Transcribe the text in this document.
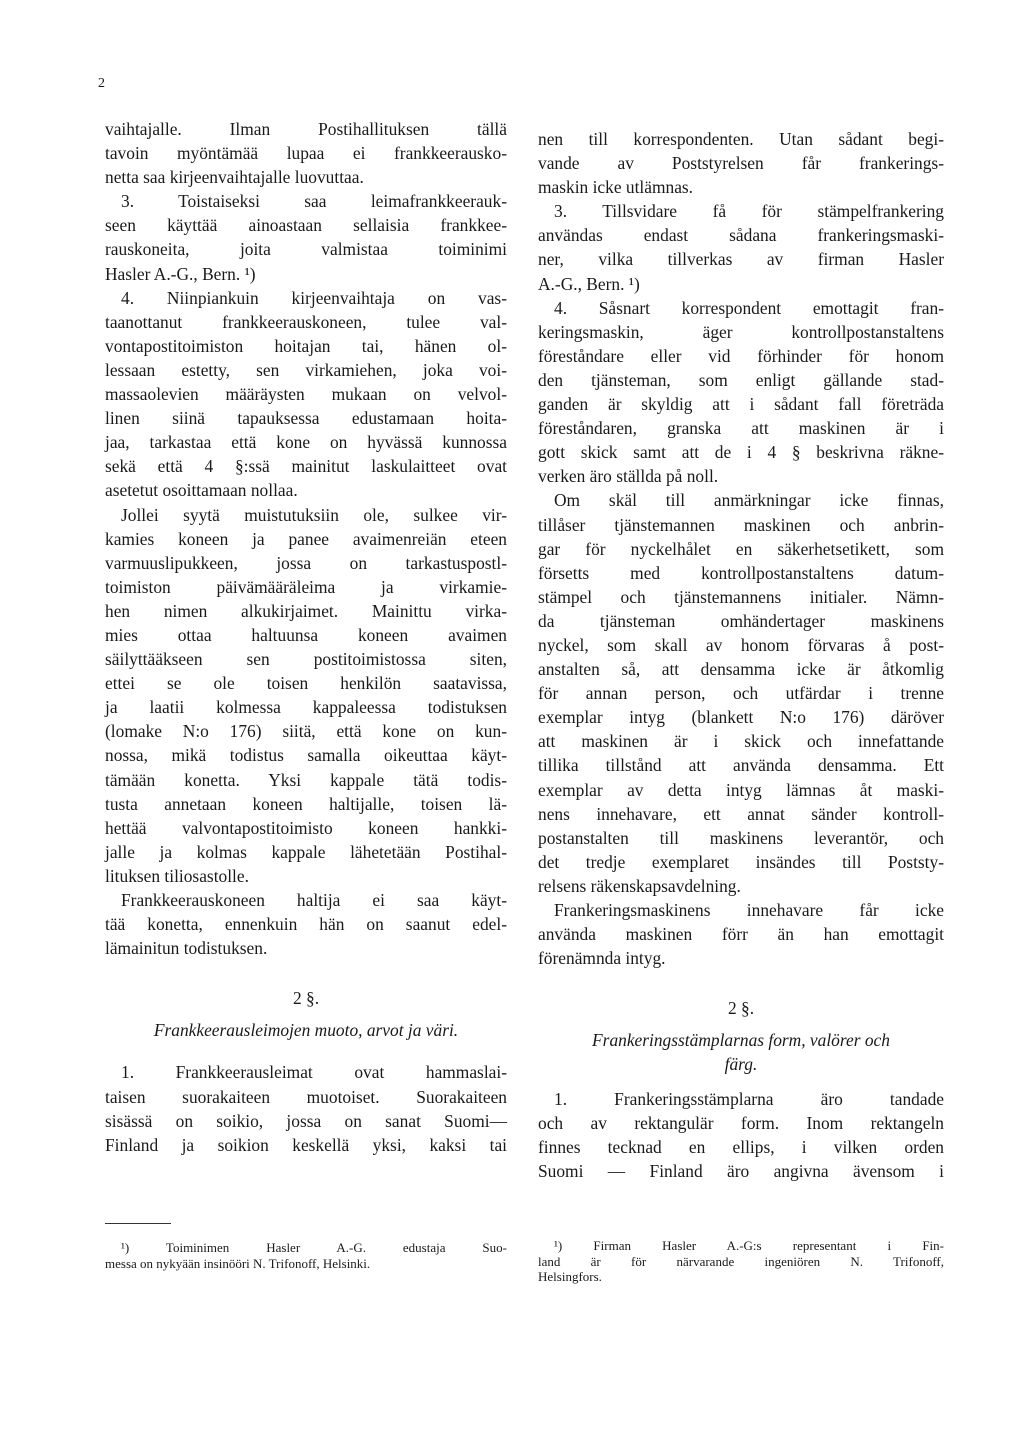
2
vaihtajalle. Ilman Postihallituksen tällä
tavoin myöntämää lupaa ei frankkeerausko-
netta saa kirjeenvaihtajalle luovuttaa.
3. Toistaiseksi saa leimafrankkeerauk-
seen käyttää ainoastaan sellaisia frankkee-
rauskoneita, joita valmistaa toiminimi
Hasler A.-G., Bern. ¹)
4. Niinpiankuin kirjeenvaihtaja on vas-
taanottanut frankkeerauskoneen, tulee val-
vontapostitoimiston hoitajan tai, hänen ol-
lessaan estetty, sen virkamiehen, joka voi-
massaolevien määräysten mukaan on velvol-
linen siinä tapauksessa edustamaan hoita-
jaa, tarkastaa että kone on hyvässä kunnossa
sekä että 4 §:ssä mainitut laskulaitteet ovat
asetetut osoittamaan nollaa.
Jollei syytä muistutuksiin ole, sulkee vir-
kamies koneen ja panee avaimenreiän eteen
varmuuslipukkeen, jossa on tarkastuspostl-
toimiston päivämääräleima ja virkamie-
hen nimen alkukirjaimet. Mainittu virka-
mies ottaa haltuunsa koneen avaimen
säilyttääkseen sen postitoimistossa siten,
ettei se ole toisen henkilön saatavissa,
ja laatii kolmessa kappaleessa todistuksen
(lomake N:o 176) siitä, että kone on kun-
nossa, mikä todistus samalla oikeuttaa käyt-
tämään konetta. Yksi kappale tätä todis-
tusta annetaan koneen haltijalle, toisen lä-
hettää valvontapostitoimisto koneen hankki-
jalle ja kolmas kappale lähetetään Postihal-
lituksen tiliosastolle.
Frankkeerauskoneen haltija ei saa käyt-
tää konetta, ennenkuin hän on saanut edel-
lämainitun todistuksen.
2 §.
Frankkeerausleimojen muoto, arvot ja väri.
1. Frankkeerausleimat ovat hammaslai-
taisen suorakaiteen muotoiset. Suorakaiteen
sisässä on soikio, jossa on sanat Suomi—
Finland ja soikion keskellä yksi, kaksi tai
nen till korrespondenten. Utan sådant begi-
vande av Poststyrelsen får frankerings-
maskin icke utlämnas.
3. Tillsvidare få för stämpelfrankering
användas endast sådana frankeringsmaski-
ner, vilka tillverkas av firman Hasler
A.-G., Bern. ¹)
4. Såsnart korrespondent emottagit fran-
keringsmaskin, äger kontrollpostanstaltens
föreståndare eller vid förhinder för honom
den tjänsteman, som enligt gällande stad-
ganden är skyldig att i sådant fall företräda
föreståndaren, granska att maskinen är i
gott skick samt att de i 4 § beskrivna räkne-
verken äro ställda på noll.
Om skäl till anmärkningar icke finnas,
tillåser tjänstemannen maskinen och anbrin-
gar för nyckelhålet en säkerhetsetikett, som
försetts med kontrollpostanstaltens datum-
stämpel och tjänstemannens initialer. Nämn-
da tjänsteman omhändertager maskinens
nyckel, som skall av honom förvaras å post-
anstalten så, att densamma icke är åtkomlig
för annan person, och utfärdar i trenne
exemplar intyg (blankett N:o 176) däröver
att maskinen är i skick och innefattande
tillika tillstånd att använda densamma. Ett
exemplar av detta intyg lämnas åt maski-
nens innehavare, ett annat sänder kontroll-
postanstalten till maskinens leverantör, och
det tredje exemplaret insändes till Poststy-
relsens räkenskapsavdelning.
Frankeringsmaskinens innehavare får icke
använda maskinen förr än han emottagit
förenämnda intyg.
2 §.
Frankeringsstämplarnas form, valörer och
färg.
1. Frankeringsstämplarna äro tandade
och av rektangulär form. Inom rektangeln
finnes tecknad en ellips, i vilken orden
Suomi — Finland äro angivna ävensom i
¹) Toiminimen Hasler A.-G. edustaja Suo-
messa on nykyään insinööri N. Trifonoff, Helsinki.
¹) Firman Hasler A.-G:s representant i Fin-
land är för närvarande ingeniören N. Trifonoff,
Helsingfors.
